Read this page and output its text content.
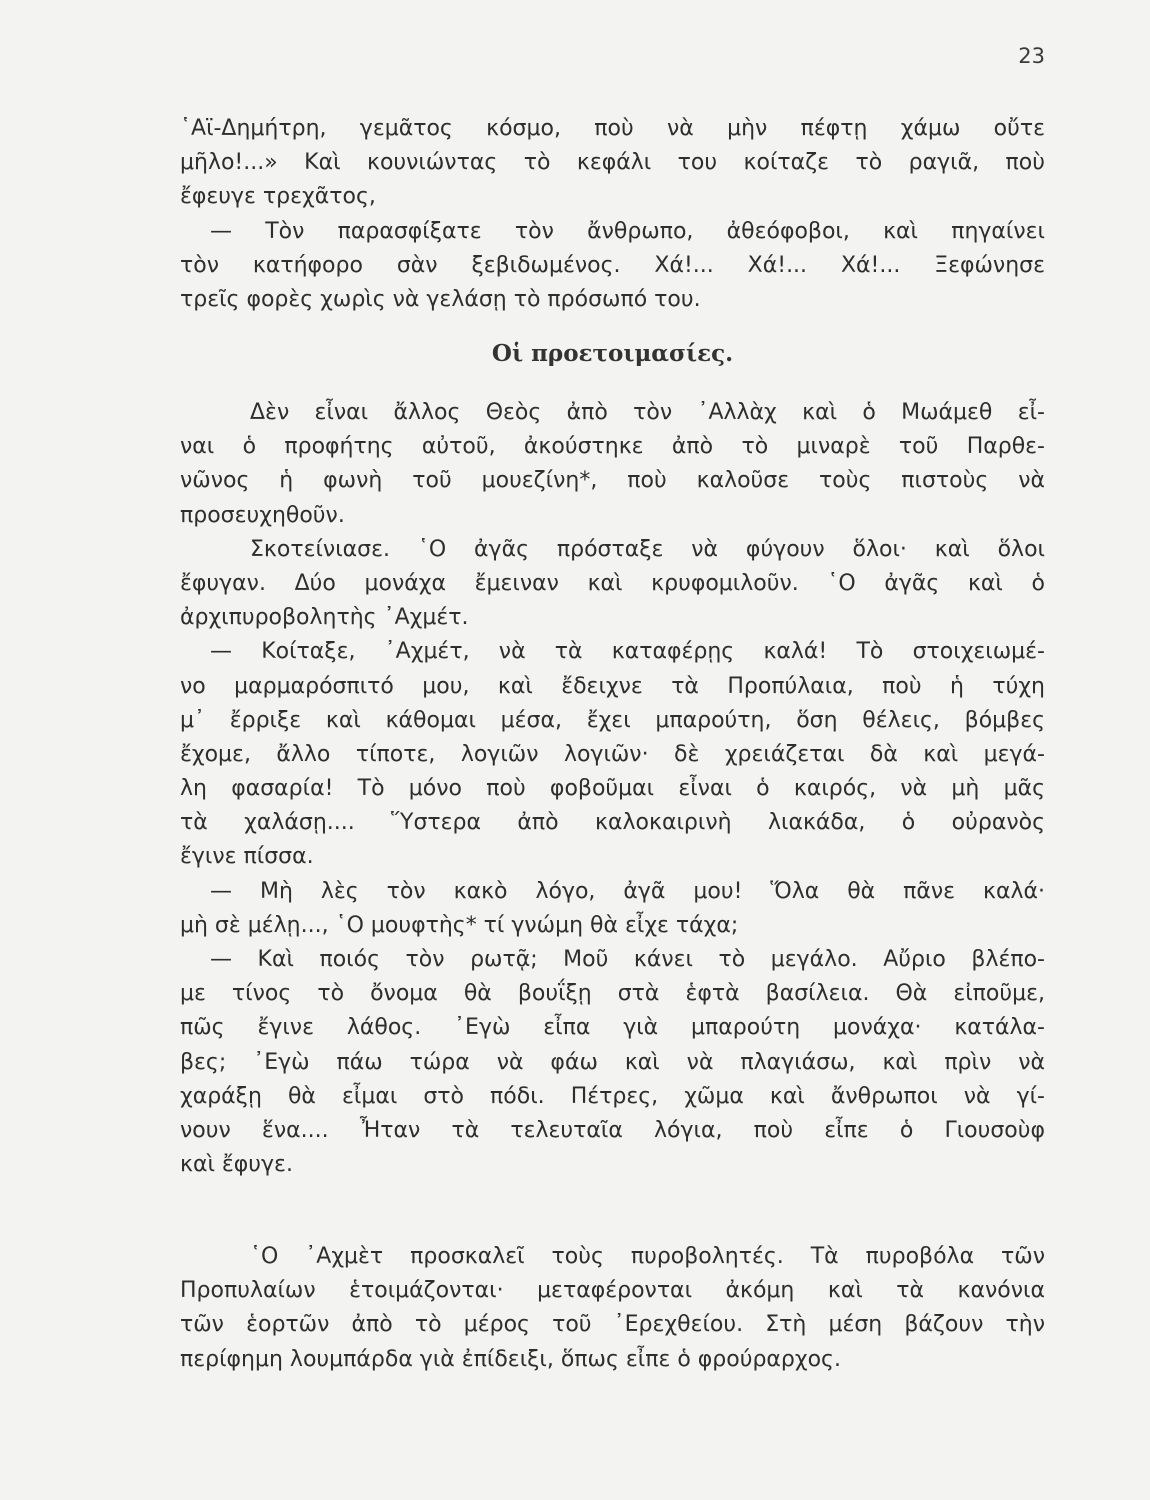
23
῾Αϊ-Δημήτρη, γεμᾶτος κόσμο, ποὺ νὰ μὴν πέφτῃ χάμω οὔτε
μῆλο!...» Καὶ κουνιώντας τὸ κεφάλι του κοίταζε τὸ ραγιᾶ, ποὺ
ἔφευγε τρεχᾶτος,
— Τὸν παρασφίξατε τὸν ἄνθρωπο, ἀθεόφοβοι, καὶ πηγαίνει
τὸν κατήφορο σὰν ξεβιδωμένος. Χά!... Χά!... Χά!... Ξεφώνησε
τρεῖς φορὲς χωρὶς νὰ γελάσῃ τὸ πρόσωπό του.
Οἱ προετοιμασίες.
Δὲν εἶναι ἄλλος Θεὸς ἀπὸ τὸν ᾿Αλλὰχ καὶ ὁ Μωάμεθ εἶ-
ναι ὁ προφήτης αὐτοῦ, ἀκούστηκε ἀπὸ τὸ μιναρὲ τοῦ Παρθε-
νῶνος ἡ φωνὴ τοῦ μουεζίνη*, ποὺ καλοῦσε τοὺς πιστοὺς νὰ
προσευχηθοῦν.
Σκοτείνιασε. ῾Ο ἀγᾶς πρόσταξε νὰ φύγουν ὅλοι· καὶ ὅλοι
ἔφυγαν. Δύο μονάχα ἔμειναν καὶ κρυφομιλοῦν. ῾Ο ἀγᾶς καὶ ὁ
ἀρχιπυροβολητὴς ᾿Αχμέτ.
— Κοίταξε, ᾿Αχμέτ, νὰ τὰ καταφέρῃς καλά! Τὸ στοιχειωμέ-
νο μαρμαρόσπιτό μου, καὶ ἔδειχνε τὰ Προπύλαια, ποὺ ἡ τύχη
μ᾿ ἔρριξε καὶ κάθομαι μέσα, ἔχει μπαρούτη, ὅση θέλεις, βόμβες
ἔχομε, ἄλλο τίποτε, λογιῶν λογιῶν· δὲ χρειάζεται δὰ καὶ μεγά-
λη φασαρία! Τὸ μόνο ποὺ φοβοῦμαι εἶναι ὁ καιρός, νὰ μὴ μᾶς
τὰ χαλάσῃ.... Ὕστερα ἀπὸ καλοκαιρινὴ λιακάδα, ὁ οὐρανὸς
ἔγινε πίσσα.
— Μὴ λὲς τὸν κακὸ λόγο, ἀγᾶ μου! Ὅλα θὰ πᾶνε καλά·
μὴ σὲ μέλῃ..., ῾Ο μουφτὴς* τί γνώμη θὰ εἶχε τάχα;
— Καὶ ποιός τὸν ρωτᾷ; Μοῦ κάνει τὸ μεγάλο. Αὔριο βλέπο-
με τίνος τὸ ὄνομα θὰ βουΐξῃ στὰ ἑφτὰ βασίλεια. Θὰ εἰποῦμε,
πῶς ἔγινε λάθος. ᾿Εγὼ εἶπα γιὰ μπαρούτη μονάχα· κατάλα-
βες; ᾿Εγὼ πάω τώρα νὰ φάω καὶ νὰ πλαγιάσω, καὶ πρὶν νὰ
χαράξῃ θὰ εἶμαι στὸ πόδι. Πέτρες, χῶμα καὶ ἄνθρωποι νὰ γί-
νουν ἕνα.... Ἦταν τὰ τελευταῖα λόγια, ποὺ εἶπε ὁ Γιουσοὺφ
καὶ ἔφυγε.
῾Ο ᾿Αχμὲτ προσκαλεῖ τοὺς πυροβολητές. Τὰ πυροβόλα τῶν
Προπυλαίων ἑτοιμάζονται· μεταφέρονται ἀκόμη καὶ τὰ κανόνια
τῶν ἑορτῶν ἀπὸ τὸ μέρος τοῦ ᾿Ερεχθείου. Στὴ μέση βάζουν τὴν
περίφημη λουμπάρδα γιὰ ἐπίδειξι, ὅπως εἶπε ὁ φρούραρχος.
